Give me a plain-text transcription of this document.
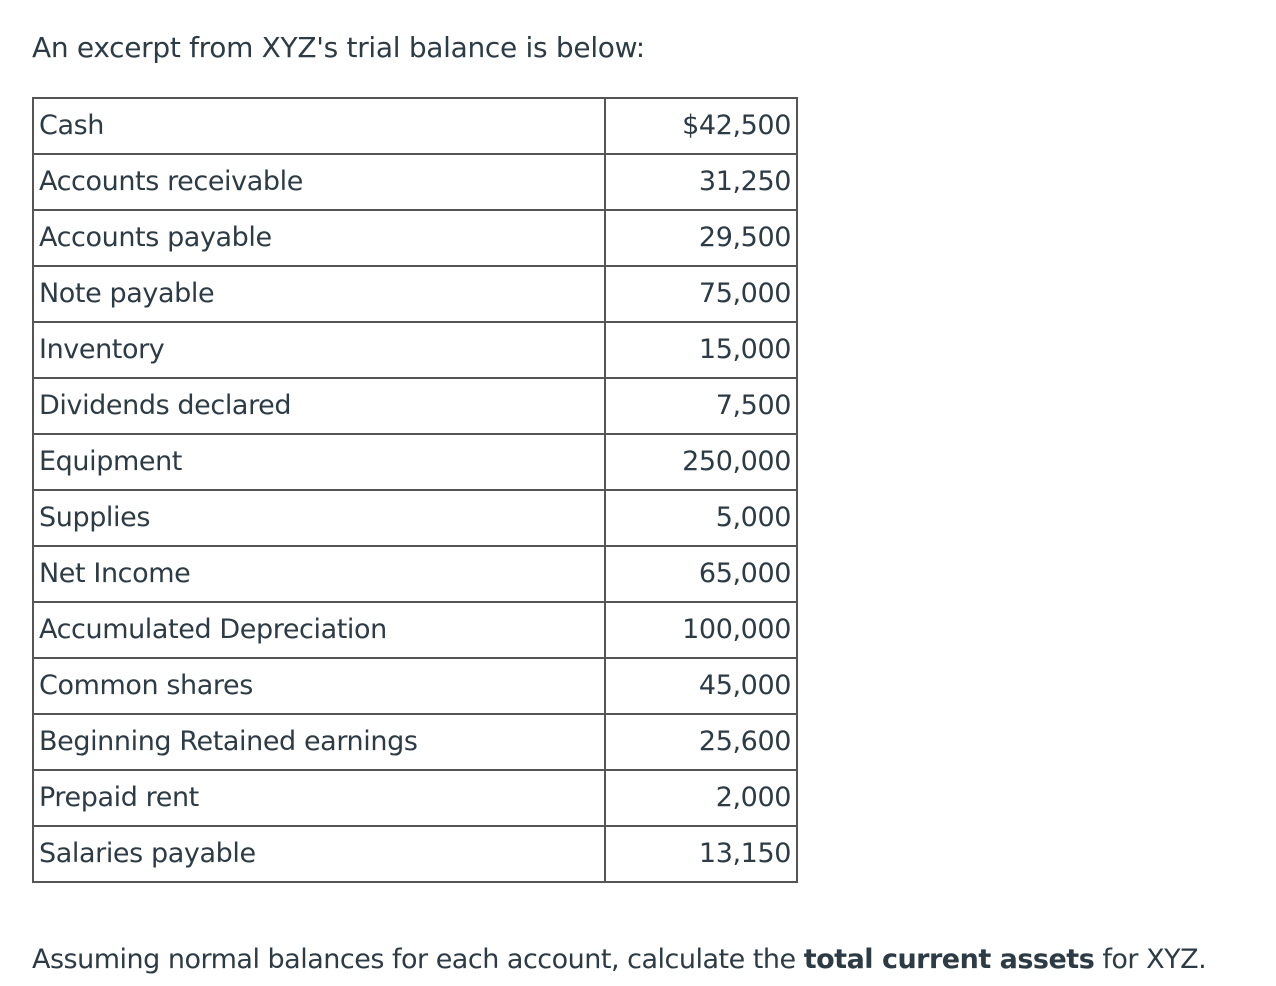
An excerpt from XYZ's trial balance is below:
Cash	$42,500
Accounts receivable	31,250
Accounts payable	29,500
Note payable	75,000
Inventory	15,000
Dividends declared	7,500
Equipment	250,000
Supplies	5,000
Net Income	65,000
Accumulated Depreciation	100,000
Common shares	45,000
Beginning Retained earnings	25,600
Prepaid rent	2,000
Salaries payable	13,150
Assuming normal balances for each account, calculate the total current assets for XYZ.
